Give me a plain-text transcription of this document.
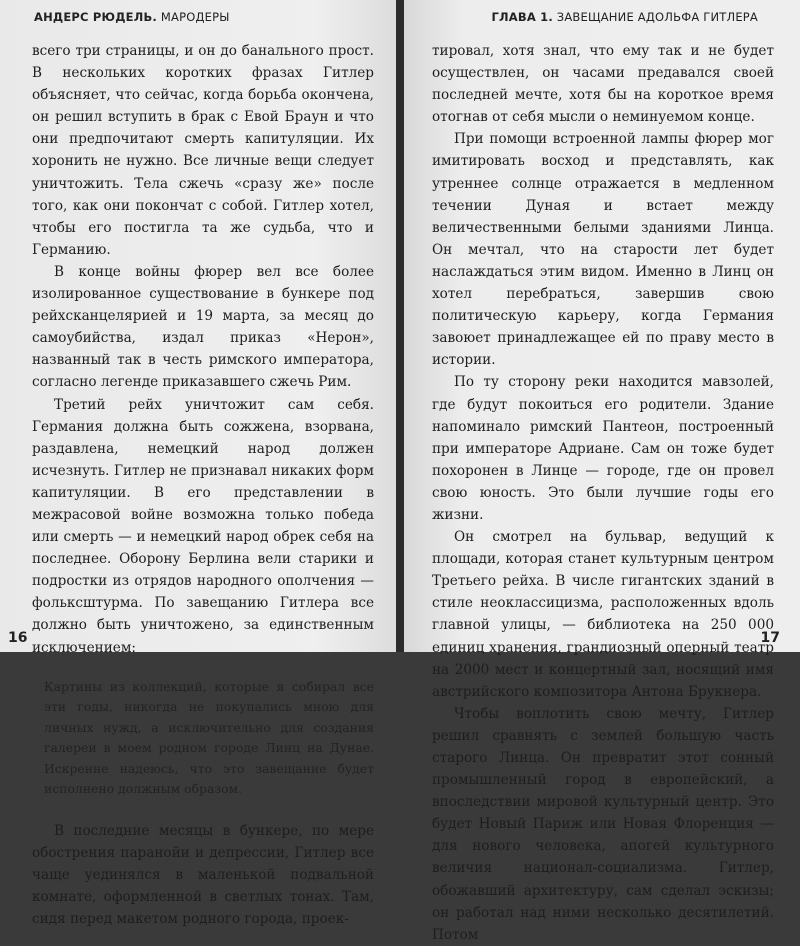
АНДЕРС РЮДЕЛЬ. МАРОДЕРЫ

всего три страницы, и он до банального прост. В нескольких коротких фразах Гитлер объясняет, что сейчас, когда борьба окончена, он решил вступить в брак с Евой Браун и что они предпочитают смерть капитуляции. Их хоронить не нужно. Все личные вещи следует уничтожить. Тела сжечь «сразу же» после того, как они покончат с собой. Гитлер хотел, чтобы его постигла та же судьба, что и Германию.

В конце войны фюрер вел все более изолированное существование в бункере под рейхсканцелярией и 19 марта, за месяц до самоубийства, издал приказ «Нерон», названный так в честь римского императора, согласно легенде приказавшего сжечь Рим.

Третий рейх уничтожит сам себя. Германия должна быть сожжена, взорвана, раздавлена, немецкий народ должен исчезнуть. Гитлер не признавал никаких форм капитуляции. В его представлении в межрасовой войне возможна только победа или смерть — и немецкий народ обрек себя на последнее. Оборону Берлина вели старики и подростки из отрядов народного ополчения — фольксштурма. По завещанию Гитлера все должно быть уничтожено, за единственным исключением:

Картины из коллекций, которые я собирал все эти годы, никогда не покупались мною для личных нужд, а исключительно для создания галереи в моем родном городе Линц на Дунае. Искренне надеюсь, что это завещание будет исполнено должным образом.

В последние месяцы в бункере, по мере обострения паранойи и депрессии, Гитлер все чаще уединялся в маленькой подвальной комнате, оформленной в светлых тонах. Там, сидя перед макетом родного города, проек-

16
ГЛАВА 1. ЗАВЕЩАНИЕ АДОЛЬФА ГИТЛЕРА

тировал, хотя знал, что ему так и не будет осуществлен, он часами предавался своей последней мечте, хотя бы на короткое время отогнав от себя мысли о неминуемом конце.

При помощи встроенной лампы фюрер мог имитировать восход и представлять, как утреннее солнце отражается в медленном течении Дуная и встает между величественными белыми зданиями Линца. Он мечтал, что на старости лет будет наслаждаться этим видом. Именно в Линц он хотел перебраться, завершив свою политическую карьеру, когда Германия завоюет принадлежащее ей по праву место в истории.

По ту сторону реки находится мавзолей, где будут покоиться его родители. Здание напоминало римский Пантеон, построенный при императоре Адриане. Сам он тоже будет похоронен в Линце — городе, где он провел свою юность. Это были лучшие годы его жизни.

Он смотрел на бульвар, ведущий к площади, которая станет культурным центром Третьего рейха. В числе гигантских зданий в стиле неоклассицизма, расположенных вдоль главной улицы, — библиотека на 250 000 единиц хранения, грандиозный оперный театр на 2000 мест и концертный зал, носящий имя австрийского композитора Антона Брукнера.

Чтобы воплотить свою мечту, Гитлер решил сравнять с землей большую часть старого Линца. Он превратит этот сонный промышленный город в европейский, а впоследствии мировой культурный центр. Это будет Новый Париж или Новая Флоренция — для нового человека, апогей культурного величия национал-социализма. Гитлер, обожавший архитектуру, сам сделал эскизы; он работал над ними несколько десятилетий. Потом

17
